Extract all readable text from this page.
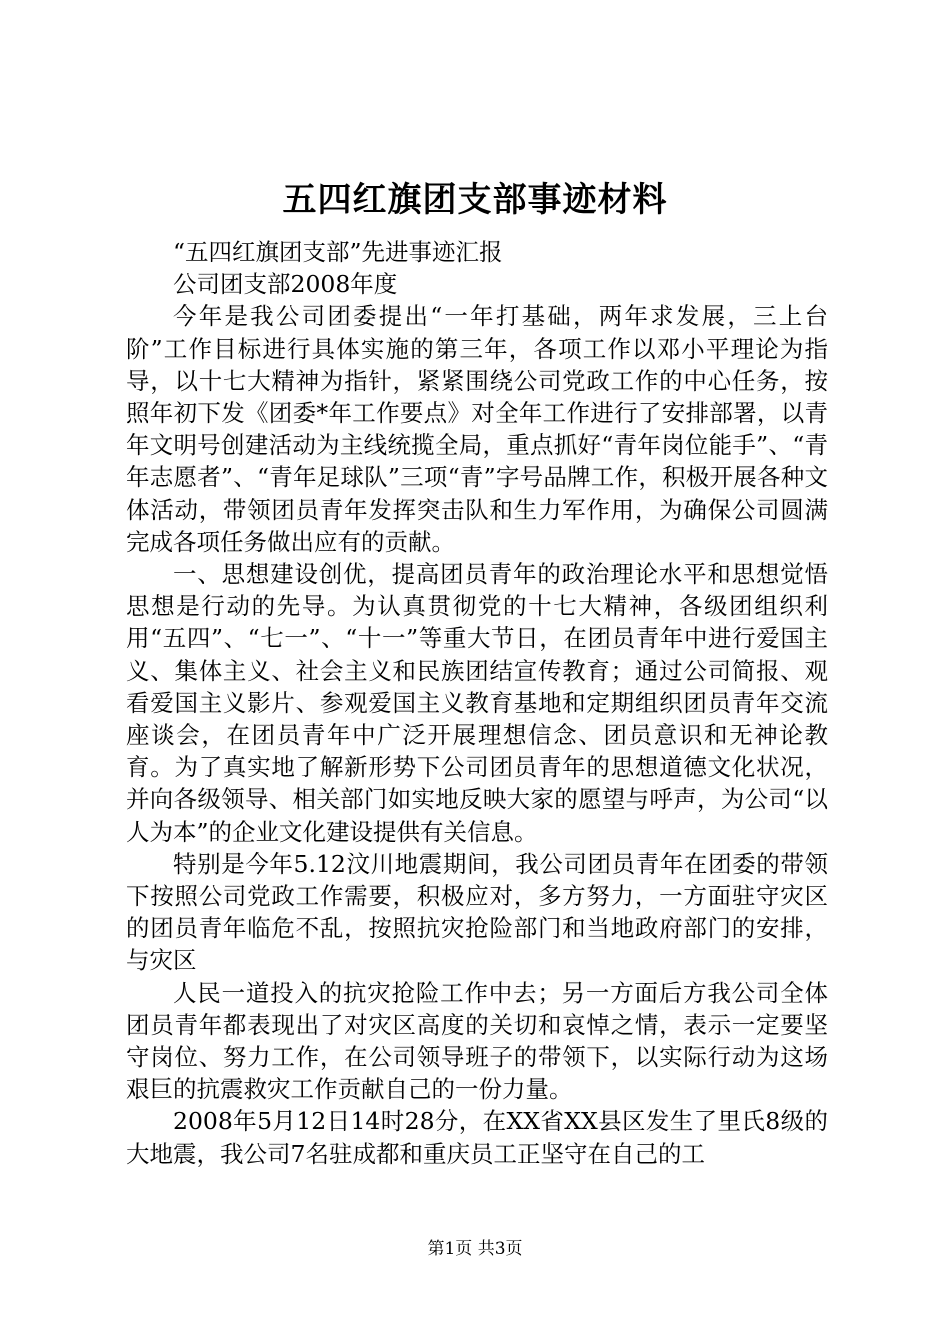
五四红旗团支部事迹材料

“五四红旗团支部”先进事迹汇报

公司团支部2008年度

今年是我公司团委提出“一年打基础，两年求发展，三上台阶”工作目标进行具体实施的第三年，各项工作以邓小平理论为指导，以十七大精神为指针，紧紧围绕公司党政工作的中心任务，按照年初下发《团委*年工作要点》对全年工作进行了安排部署，以青年文明号创建活动为主线统揽全局，重点抓好“青年岗位能手”、“青年志愿者”、“青年足球队”三项“青”字号品牌工作，积极开展各种文体活动，带领团员青年发挥突击队和生力军作用，为确保公司圆满完成各项任务做出应有的贡献。

一、思想建设创优，提高团员青年的政治理论水平和思想觉悟思想是行动的先导。为认真贯彻党的十七大精神，各级团组织利用“五四”、“七一”、“十一”等重大节日，在团员青年中进行爱国主义、集体主义、社会主义和民族团结宣传教育；通过公司简报、观看爱国主义影片、参观爱国主义教育基地和定期组织团员青年交流座谈会，在团员青年中广泛开展理想信念、团员意识和无神论教育。为了真实地了解新形势下公司团员青年的思想道德文化状况，并向各级领导、相关部门如实地反映大家的愿望与呼声，为公司“以人为本”的企业文化建设提供有关信息。

特别是今年5.12汶川地震期间，我公司团员青年在团委的带领下按照公司党政工作需要，积极应对，多方努力，一方面驻守灾区的团员青年临危不乱，按照抗灾抢险部门和当地政府部门的安排，与灾区

人民一道投入的抗灾抢险工作中去；另一方面后方我公司全体团员青年都表现出了对灾区高度的关切和哀悼之情，表示一定要坚守岗位、努力工作，在公司领导班子的带领下，以实际行动为这场艰巨的抗震救灾工作贡献自己的一份力量。

2008年5月12日14时28分，在XX省XX县区发生了里氏8级的大地震，我公司7名驻成都和重庆员工正坚守在自己的工

第1页 共3页
